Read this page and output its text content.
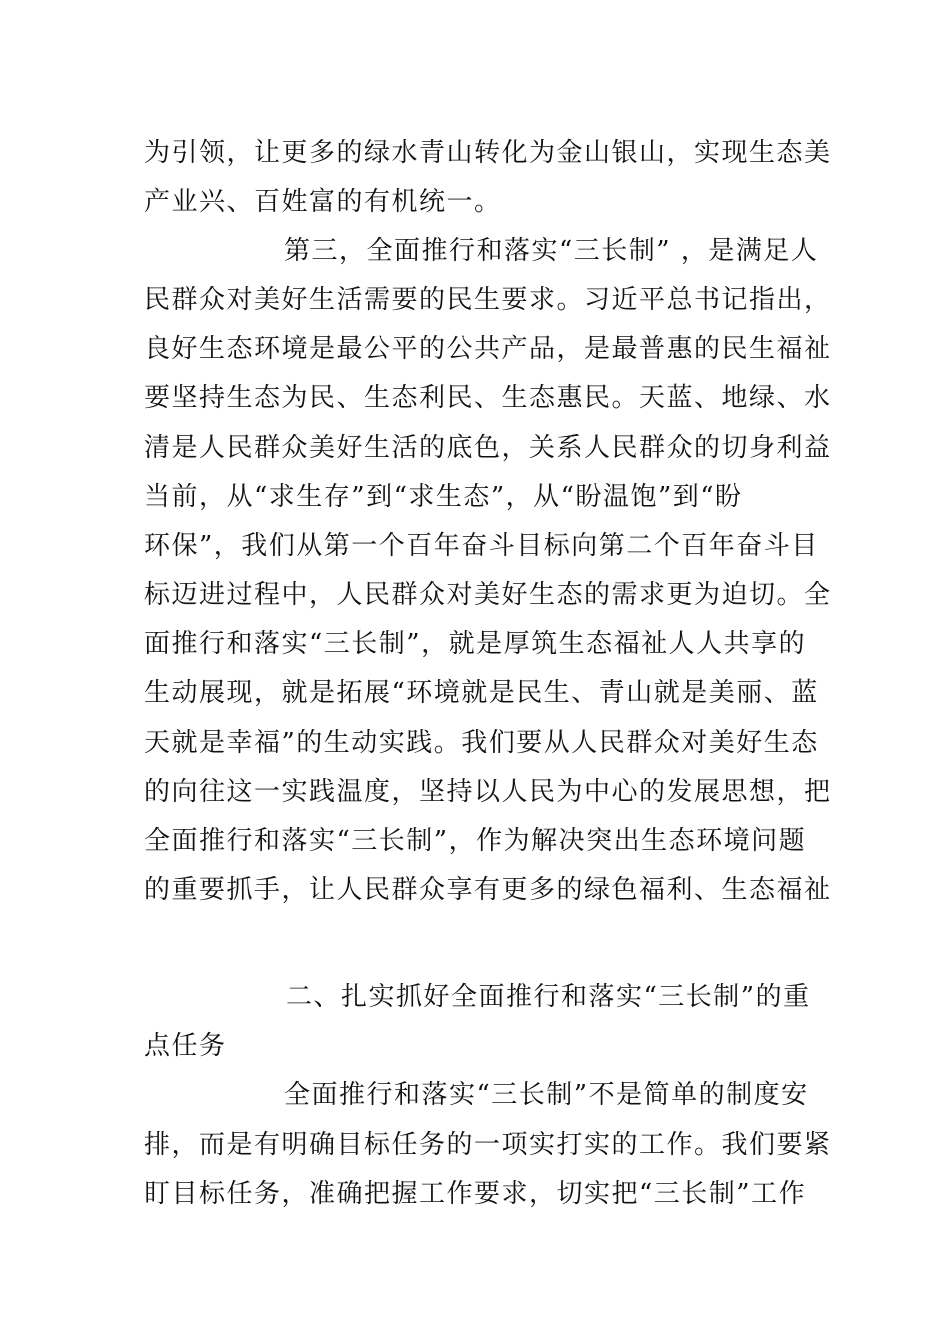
为引领，让更多的绿水青山转化为金山银山，实现生态美
产业兴、百姓富的有机统一。
第三，全面推行和落实“三长制” ，是满足人
民群众对美好生活需要的民生要求。习近平总书记指出，
良好生态环境是最公平的公共产品，是最普惠的民生福祉
要坚持生态为民、生态利民、生态惠民。天蓝、地绿、水
清是人民群众美好生活的底色，关系人民群众的切身利益
当前，从“求生存”到“求生态”，从“盼温饱”到“盼
环保”，我们从第一个百年奋斗目标向第二个百年奋斗目
标迈进过程中，人民群众对美好生态的需求更为迫切。全
面推行和落实“三长制”，就是厚筑生态福祉人人共享的
生动展现，就是拓展“环境就是民生、青山就是美丽、蓝
天就是幸福”的生动实践。我们要从人民群众对美好生态
的向往这一实践温度，坚持以人民为中心的发展思想，把
全面推行和落实“三长制”，作为解决突出生态环境问题
的重要抓手，让人民群众享有更多的绿色福利、生态福祉
二、扎实抓好全面推行和落实“三长制”的重
点任务
全面推行和落实“三长制”不是简单的制度安
排，而是有明确目标任务的一项实打实的工作。我们要紧
盯目标任务，准确把握工作要求，切实把“三长制”工作
